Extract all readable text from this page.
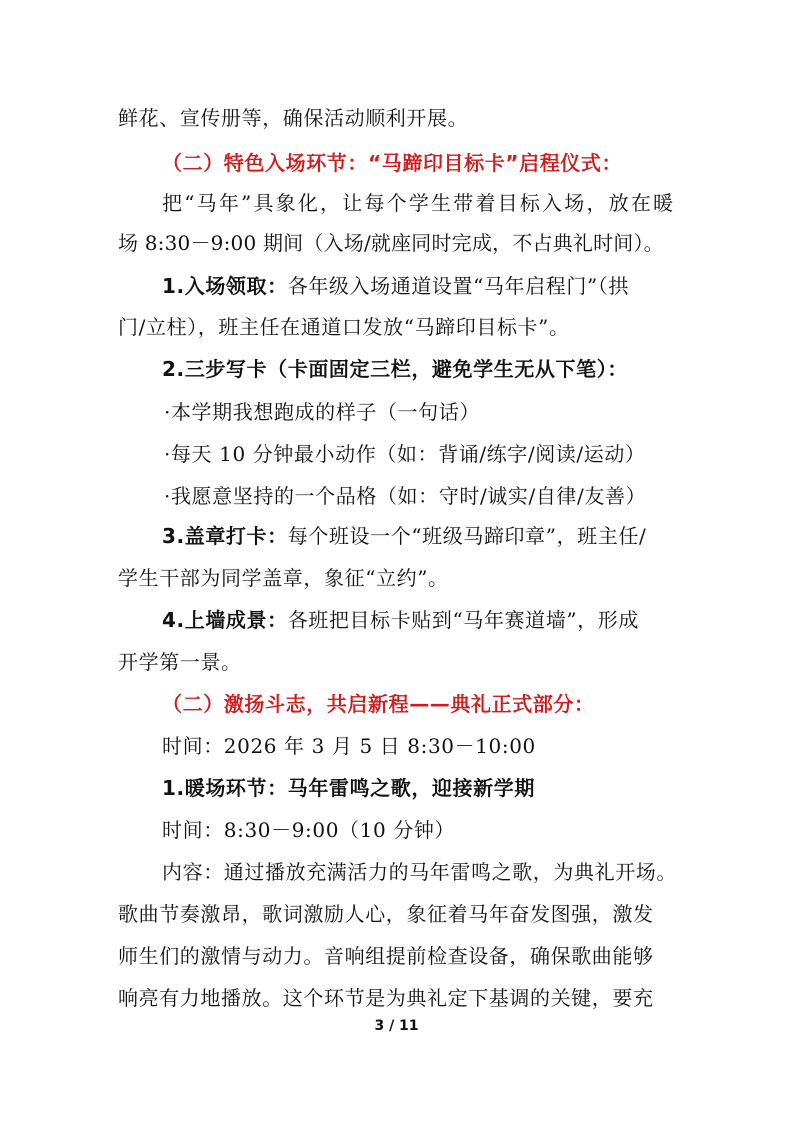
鲜花、宣传册等，确保活动顺利开展。
（二）特色入场环节：“马蹄印目标卡”启程仪式：
把“马年”具象化，让每个学生带着目标入场，放在暖
场 8:30－9:00 期间（入场/就座同时完成，不占典礼时间）。
1.入场领取：各年级入场通道设置“马年启程门”（拱
门/立柱），班主任在通道口发放“马蹄印目标卡”。
2.三步写卡（卡面固定三栏，避免学生无从下笔）：
·本学期我想跑成的样子（一句话）
·每天 10 分钟最小动作（如：背诵/练字/阅读/运动）
·我愿意坚持的一个品格（如：守时/诚实/自律/友善）
3.盖章打卡：每个班设一个“班级马蹄印章”，班主任/
学生干部为同学盖章，象征“立约”。
4.上墙成景：各班把目标卡贴到“马年赛道墙”，形成
开学第一景。
（二）激扬斗志，共启新程——典礼正式部分：
时间：2026 年 3 月 5 日 8:30－10:00
1.暖场环节：马年雷鸣之歌，迎接新学期
时间：8:30－9:00（10 分钟）
内容：通过播放充满活力的马年雷鸣之歌，为典礼开场。
歌曲节奏激昂，歌词激励人心，象征着马年奋发图强，激发
师生们的激情与动力。音响组提前检查设备，确保歌曲能够
响亮有力地播放。这个环节是为典礼定下基调的关键，要充
3 / 11
